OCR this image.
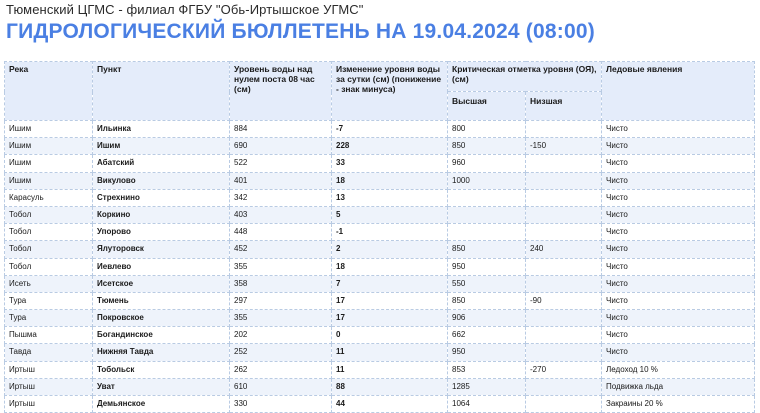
Тюменский ЦГМС - филиал ФГБУ "Обь-Иртышское УГМС"
ГИДРОЛОГИЧЕСКИЙ БЮЛЛЕТЕНЬ НА 19.04.2024 (08:00)
Река	Пункт	Уровень воды над нулем поста 08 час (см)	Изменение уровня воды за сутки (см) (понижение - знак минуса)	Критическая отметка уровня (ОЯ), (см)		Ледовые явления
				Высшая	Низшая	
Ишим	Ильинка	884	-7	800		Чисто
Ишим	Ишим	690	228	850	-150	Чисто
Ишим	Абатский	522	33	960		Чисто
Ишим	Викулово	401	18	1000		Чисто
Карасуль	Стрехнино	342	13			Чисто
Тобол	Коркино	403	5			Чисто
Тобол	Упорово	448	-1			Чисто
Тобол	Ялуторовск	452	2	850	240	Чисто
Тобол	Иевлево	355	18	950		Чисто
Исеть	Исетское	358	7	550		Чисто
Тура	Тюмень	297	17	850	-90	Чисто
Тура	Покровское	355	17	906		Чисто
Пышма	Богандинское	202	0	662		Чисто
Тавда	Нижняя Тавда	252	11	950		Чисто
Иртыш	Тобольск	262	11	853	-270	Ледоход 10 %
Иртыш	Уват	610	88	1285		Подвижка льда
Иртыш	Демьянское	330	44	1064		Закраины 20 %
